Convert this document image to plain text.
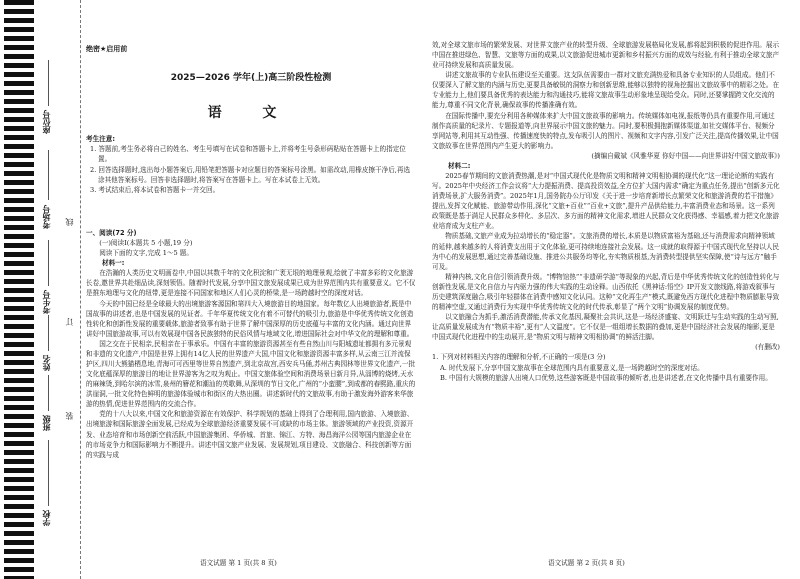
座位号
考场号
考生号
姓名
班级
学校
线
订
装
绝密★启用前
2025—2026 学年(上)高三阶段性检测
语 文
考生注意:
1. 答题前,考生务必将自己的姓名、考生号填写在试卷和答题卡上,并将考生号条形码粘贴在答题卡上的指定位置。
2. 回答选择题时,选出每小题答案后,用铅笔把答题卡对应题目的答案标号涂黑。如需改动,用橡皮擦干净后,再选涂其他答案标号。回答非选择题时,将答案写在答题卡上。写在本试卷上无效。
3. 考试结束后,将本试卷和答题卡一并交回。
一、阅读(72 分)

(一)阅读Ⅰ(本题共 5 小题,19 分)

阅读下面的文字,完成 1～5 题。

材料一:

在浩瀚的人类历史文明画卷中,中国以其数千年的文化积淀和广袤无垠的地理景观,绘就了丰富多彩的文化旅游长卷,邀世界共赴细品读,深刻领悟。随着时代发展,分享中国文旅发展成果已成为世界范围内共有重要意义。它不仅是推东地理与文化的纽带,更是连接不同国家和地区人们心灵的桥梁,是一场跨越时空的深度对话。

今天的中国已经是全球最大的出境旅游客源国和第四大入境旅游目的地国家。每年数亿人出境旅游者,既是中国故事的讲述者,也是中国发展的见证者。千年华夏传统文化有着不可替代的吸引力,旅游是中华优秀传统文化创造性转化和创新性发展的重要载体,旅游者致事有助于世界了解中国深厚的历史底蕴与丰富的文化内涵。通过向世界讲好中国旅游故事,可以有效展现中国各民族独特的民俗风情与地域文化,增进国际社会对中华文化的理解和尊重。

国之交在于民相亲,民相亲在于事承乐。中国有丰富的旅游资源甚至有些自然山川与阳城遗址都拥有多元景观和非遗的文化遗产,中国是世界上拥有14亿人民的世界遗产大国,中国文化和旅游资源丰富多样,从云南三江并流保护区,四川大熊猫栖息地,青海可可西里等世界自然遗产,到北京故宫,西安兵马俑,苏州古典园林等世界文化遗产,一批文化底蕴深厚的旅游目的地让世界游客为之叹为观止。中国文旅体验空间和消费场景日新月异,从淄博的烧烤,天水的麻辣烫,到哈尔滨的冰雪,泉州的簪花和潮汕的英歌舞,从深圳的节日文化,广州的“小蛮腰”,到成都的春熙路,重庆的洪崖洞,一批文化特色鲜明的旅游体验城市和街区的大热出圈。讲述新时代的文旅故事,有助于激发海外游客来华旅游的热情,促进世界范围内的交流合作。

党的十八大以来,中国文化和旅游资源在有效保护、科学规划的基础上得到了合理利用,国内旅游、入境旅游、出境旅游和国际旅游全面发展,已经成为全球旅游经济重要发展不可或缺的市场主体。旅游领域的产业投资,资源开发、业态培育和市场创新空前活跃,中国旅游集团、华侨城、首旅、锦江、方特、海昌海洋公园等国内旅游企业在的市场竞争力和国际影响力不断提升。讲述中国文旅产业发展、发展规划,项目建设、文旅融合、科技创新等方面的实践与成

效,对全球文旅市场的繁荣发展、对世界文旅产业的转型升级、全球旅游发展格局化发展,都将起到积极的促进作用。展示中国在推进绿色、智慧、文旅等方面的成果,以文旅游促进城市更新和乡村振兴方面的成效与经验,有利于推动全球文旅产业可持续发展和高质量发展。

讲述文旅故事的专业队伍建设至关重要。这支队伍需要由一群对文旅充满热爱和具备专业知识的人员组成。他们不仅要深入了解文旅的内涵与历史,更要具备敏锐的洞察力和创新思维,能够以独特的视角挖掘出文旅故事中的精彩之处。在专业能力上,他们要具备优秀的表达能力和沟通技巧,能将文旅故事生动形象地呈现给受众。同时,还要掌握跨文化交流的能力,尊重不同文化背景,确保故事的传播准确有效。

在国际传播中,要充分利用各种媒体来扩大中国文旅故事的影响力。传统媒体如电视,报纸等仍具有重要作用,可通过制作高质量的纪录片、专题报道等,向世界展示中国文旅的魅力。同时,要积极拥抱新媒体渠道,如社交媒体平台、视频分享网站等,利用其互动性强、传播速度快的特点,发布吸引人的图片、视频和文字内容,引发广泛关注,提高传播效果,让中国文旅故事在世界范围内产生更大的影响力。

(摘编自戴斌《风雅华夏 你好中国——向世界讲好中国文旅故事》)

材料二:

2025春节期间的文旅消费热潮,是对“中国式现代化是物质文明和精神文明相协调的现代化”这一理论论断的实践有写。2025年中央经济工作会议将“大力提振消费、提高投资效益,全方位扩大国内需求”确定为重点任务,提出“创新多元化消费场景,扩大服务消费”。2025年1月,国务院办公厅印发《关于进一步培育新增长点繁荣文化和旅游消费的若干措施》提出,发挥文化赋能、旅游带动作用,深化“文旅+百业”“百业+文旅”,提升产品供给能力,丰富消费业态和场景。这一系列政策既是基于满足人民群众多样化、多层次、多方面的精神文化需求,增进人民群众文化获得感、幸福感,着力把文化旅游业培育成为支柱产业。

物质基础,文旅产业成为拉动增长的“稳定器”。文旅消费的增长,本质是以物质富裕为基础,还与消费需求向精神领域的延伸,越来越多的人将消费支出用于文化体验,更可持续地连接社会发展。这一成就的取得源于中国式现代化坚持以人民为中心的发展思想,通过完善基础设施、推进公共服务均等化,夯实物质根基,为消费转型提供坚实保障,使“诗与远方”触手可及。

精神内核,文化自信引领消费升级。“博物馆热”“非遗研学游”等现象的兴起,背后是中华优秀传统文化的创造性转化与创新性发展,是文化自信力与内驱力强的伟大实践的生动诠释。山西依托《黑神话:悟空》IP开发文旅线路,将游戏叙事与历史建筑深度融合,吸引年轻群体在消费中感知文化认同。这种“文化再生产”模式,既避免西方现代化进程中物质膨胀导致的精神空虚,又通过消费行为实现中华优秀传统文化的时代传承,彰显了“两个文明”协调发展的制度优势。

以文旅融合为抓手,激活消费潜能,传承文化基因,凝聚社会共识,这是一场经济盛宴、文明跃迁与生动实践的生动写照,让高质量发展成为有“物质丰裕”,更有“人文温度”。它不仅是一组组增长数据的叠加,更是中国经济社会发展的缩影,更是中国式现代化进程中的生动展开,是“物质文明与精神文明相协调”的鲜活注脚。

(有删改)

1. 下列对材料相关内容的理解和分析,不正确的一项是(3 分)

A. 时代发展下,分享中国文旅故事在全球范围内具有重要意义,是一场跨越时空的深度对话。

B. 中国有大规模的旅游人出境人口优势,这些游客既是中国故事的倾听者,也是讲述者,在文化传播中具有重要作用。

语文试题 第 1 页(共 8 页)	语文试题 第 2 页(共 8 页)
